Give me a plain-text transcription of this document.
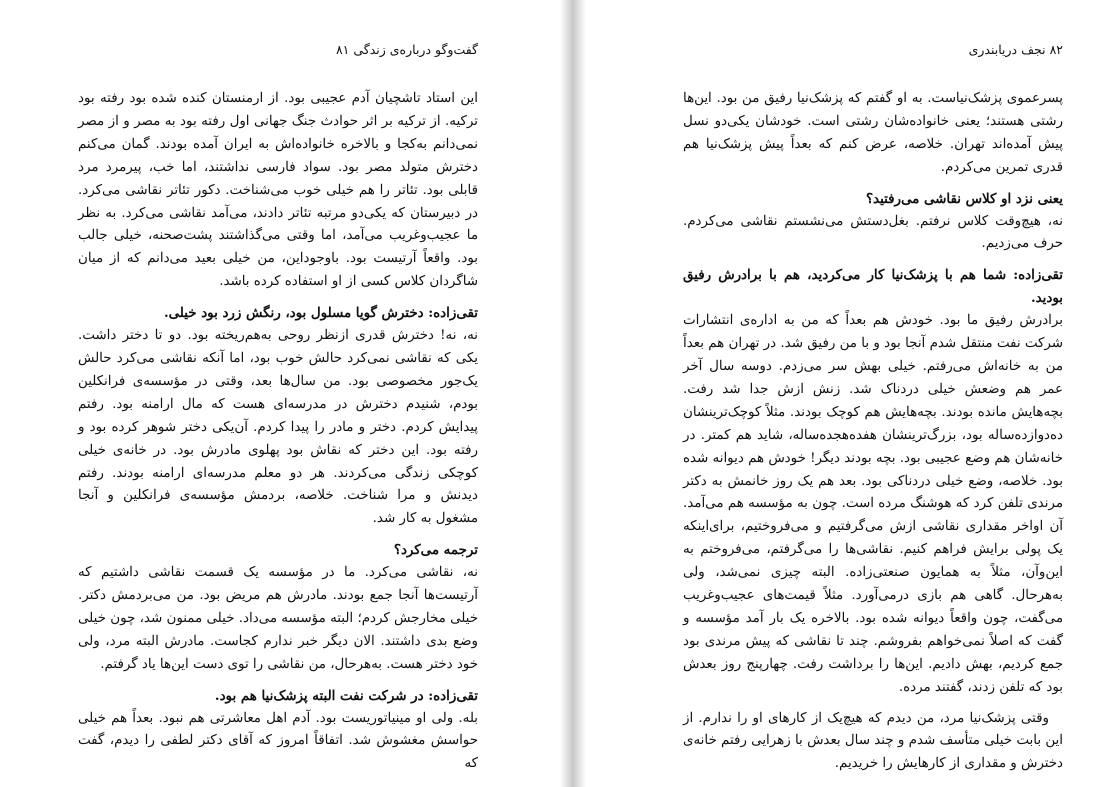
گفت‌وگو درباره‌ی زندگی ۸۱

این استاد تاشچیان آدم عجیبی بود. از ارمنستان کنده شده بود رفته بود ترکیه. از ترکیه بر اثر حوادث جنگ جهانی اول رفته بود به مصر و از مصر نمی‌دانم به‌کجا و بالاخره خانواده‌اش به ایران آمده بودند. گمان می‌کنم دخترش متولد مصر بود. سواد فارسی نداشتند، اما خب، پیرمرد مرد قابلی بود. تئاتر را هم خیلی خوب می‌شناخت. دکور تئاتر نقاشی می‌کرد. در دبیرستان که یکی‌دو مرتبه تئاتر دادند، می‌آمد نقاشی می‌کرد. به نظر ما عجیب‌وغریب می‌آمد، اما وقتی می‌گذاشتند پشت‌صحنه، خیلی جالب بود. واقعاً آرتیست بود. باوجوداین، من خیلی بعید می‌دانم که از میان شاگردان کلاس کسی از او استفاده کرده باشد.

تقی‌زاده: دخترش گویا مسلول بود، رنگش زرد بود خیلی.

نه، نه! دخترش قدری ازنظر روحی به‌هم‌ریخته بود. دو تا دختر داشت. یکی که نقاشی نمی‌کرد حالش خوب بود، اما آنکه نقاشی می‌کرد حالش یک‌جور مخصوصی بود. من سال‌ها بعد، وقتی در مؤسسه‌ی فرانکلین بودم، شنیدم دخترش در مدرسه‌ای هست که مال ارامنه بود. رفتم پیدایش کردم. دختر و مادر را پیدا کردم. آن‌یکی دختر شوهر کرده بود و رفته بود. این دختر که نقاش بود پهلوی مادرش بود. در خانه‌ی خیلی کوچکی زندگی می‌کردند. هر دو معلم مدرسه‌ای ارامنه بودند. رفتم دیدنش و مرا شناخت. خلاصه، بردمش مؤسسه‌ی فرانکلین و آنجا مشغول به کار شد.

ترجمه می‌کرد؟

نه، نقاشی می‌کرد. ما در مؤسسه یک قسمت نقاشی داشتیم که آرتیست‌ها آنجا جمع بودند. مادرش هم مریض بود. من می‌بردمش دکتر. خیلی مخارجش کردم؛ البته مؤسسه می‌داد. خیلی ممنون شد، چون خیلی وضع بدی داشتند. الان دیگر خبر ندارم کجاست. مادرش البته مرد، ولی خود دختر هست. به‌هرحال، من نقاشی را توی دست این‌ها یاد گرفتم.

تقی‌زاده: در شرکت نفت البته پزشک‌نیا هم بود.

بله. ولی او مینیاتوریست بود. آدم اهل معاشرتی هم نبود. بعداً هم خیلی حواسش مغشوش شد. اتفاقاً امروز که آقای دکتر لطفی را دیدم، گفت که

۸۲ نجف دریابندری

پسرعموی پزشک‌نیاست. به او گفتم که پزشک‌نیا رفیق من بود. این‌ها رشتی هستند؛ یعنی خانواده‌شان رشتی است. خودشان یکی‌دو نسل پیش آمده‌اند تهران. خلاصه، عرض کنم که بعداً پیش پزشک‌نیا هم قدری تمرین می‌کردم.

یعنی نزد او کلاس نقاشی می‌رفتید؟

نه، هیچ‌وقت کلاس نرفتم. بغل‌دستش می‌نشستم نقاشی می‌کردم. حرف می‌زدیم.

تقی‌زاده: شما هم با پزشک‌نیا کار می‌کردید، هم با برادرش رفیق بودید.

برادرش رفیق ما بود. خودش هم بعداً که من به اداره‌ی انتشارات شرکت نفت منتقل شدم آنجا بود و با من رفیق شد. در تهران هم بعداً من به خانه‌اش می‌رفتم. خیلی بهش سر می‌زدم. دوسه سال آخر عمر هم وضعش خیلی دردناک شد. زنش ازش جدا شد رفت. بچه‌هایش مانده بودند. بچه‌هایش هم کوچک بودند. مثلاً کوچک‌ترینشان ده‌دوازده‌ساله بود، بزرگ‌ترینشان هفده‌هجده‌ساله، شاید هم کمتر. در خانه‌شان هم وضع عجیبی بود. بچه بودند دیگر! خودش هم دیوانه شده بود. خلاصه، وضع خیلی دردناکی بود. بعد هم یک روز خانمش به دکتر مرندی تلفن کرد که هوشنگ مرده است. چون به مؤسسه هم می‌آمد. آن اواخر مقداری نقاشی ازش می‌گرفتیم و می‌فروختیم، برای‌اینکه یک پولی برایش فراهم کنیم. نقاشی‌ها را می‌گرفتم، می‌فروختم به این‌وآن، مثلاً به همایون صنعتی‌زاده. البته چیزی نمی‌شد، ولی به‌هرحال. گاهی هم بازی درمی‌آورد. مثلاً قیمت‌های عجیب‌وغریب می‌گفت، چون واقعاً دیوانه شده بود. بالاخره یک بار آمد مؤسسه و گفت که اصلاً نمی‌خواهم بفروشم. چند تا نقاشی که پیش مرندی بود جمع کردیم، بهش دادیم. این‌ها را برداشت رفت. چهارپنج روز بعدش بود که تلفن زدند، گفتند مرده.

وقتی پزشک‌نیا مرد، من دیدم که هیچ‌یک از کارهای او را ندارم. از این بابت خیلی متأسف شدم و چند سال بعدش با زهرایی رفتم خانه‌ی دخترش و مقداری از کارهایش را خریدیم.
